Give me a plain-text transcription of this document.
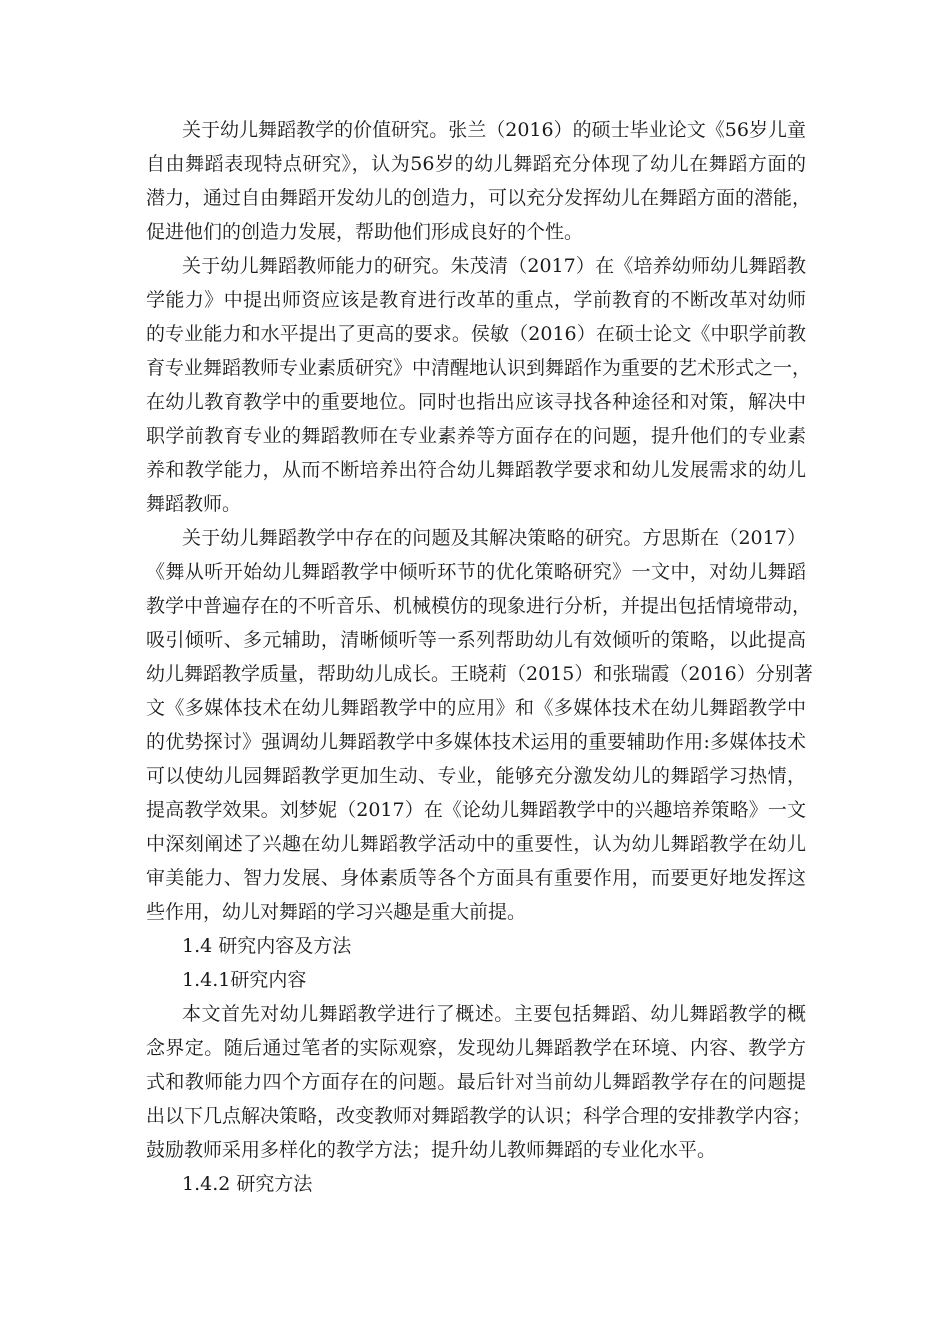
关于幼儿舞蹈教学的价值研究。张兰（2016）的硕士毕业论文《56岁儿童
自由舞蹈表现特点研究》，认为56岁的幼儿舞蹈充分体现了幼儿在舞蹈方面的
潜力，通过自由舞蹈开发幼儿的创造力，可以充分发挥幼儿在舞蹈方面的潜能，
促进他们的创造力发展，帮助他们形成良好的个性。
关于幼儿舞蹈教师能力的研究。朱茂清（2017）在《培养幼师幼儿舞蹈教
学能力》中提出师资应该是教育进行改革的重点，学前教育的不断改革对幼师
的专业能力和水平提出了更高的要求。侯敏（2016）在硕士论文《中职学前教
育专业舞蹈教师专业素质研究》中清醒地认识到舞蹈作为重要的艺术形式之一，
在幼儿教育教学中的重要地位。同时也指出应该寻找各种途径和对策，解决中
职学前教育专业的舞蹈教师在专业素养等方面存在的问题，提升他们的专业素
养和教学能力，从而不断培养出符合幼儿舞蹈教学要求和幼儿发展需求的幼儿
舞蹈教师。
关于幼儿舞蹈教学中存在的问题及其解决策略的研究。方思斯在（2017）
《舞从听开始幼儿舞蹈教学中倾听环节的优化策略研究》一文中，对幼儿舞蹈
教学中普遍存在的不听音乐、机械模仿的现象进行分析，并提出包括情境带动，
吸引倾听、多元辅助，清晰倾听等一系列帮助幼儿有效倾听的策略，以此提高
幼儿舞蹈教学质量，帮助幼儿成长。王晓莉（2015）和张瑞霞（2016）分别著
文《多媒体技术在幼儿舞蹈教学中的应用》和《多媒体技术在幼儿舞蹈教学中
的优势探讨》强调幼儿舞蹈教学中多媒体技术运用的重要辅助作用:多媒体技术
可以使幼儿园舞蹈教学更加生动、专业，能够充分激发幼儿的舞蹈学习热情，
提高教学效果。刘梦妮（2017）在《论幼儿舞蹈教学中的兴趣培养策略》一文
中深刻阐述了兴趣在幼儿舞蹈教学活动中的重要性，认为幼儿舞蹈教学在幼儿
审美能力、智力发展、身体素质等各个方面具有重要作用，而要更好地发挥这
些作用，幼儿对舞蹈的学习兴趣是重大前提。
1.4 研究内容及方法
1.4.1研究内容
本文首先对幼儿舞蹈教学进行了概述。主要包括舞蹈、幼儿舞蹈教学的概
念界定。随后通过笔者的实际观察，发现幼儿舞蹈教学在环境、内容、教学方
式和教师能力四个方面存在的问题。最后针对当前幼儿舞蹈教学存在的问题提
出以下几点解决策略，改变教师对舞蹈教学的认识；科学合理的安排教学内容；
鼓励教师采用多样化的教学方法；提升幼儿教师舞蹈的专业化水平。
1.4.2 研究方法
